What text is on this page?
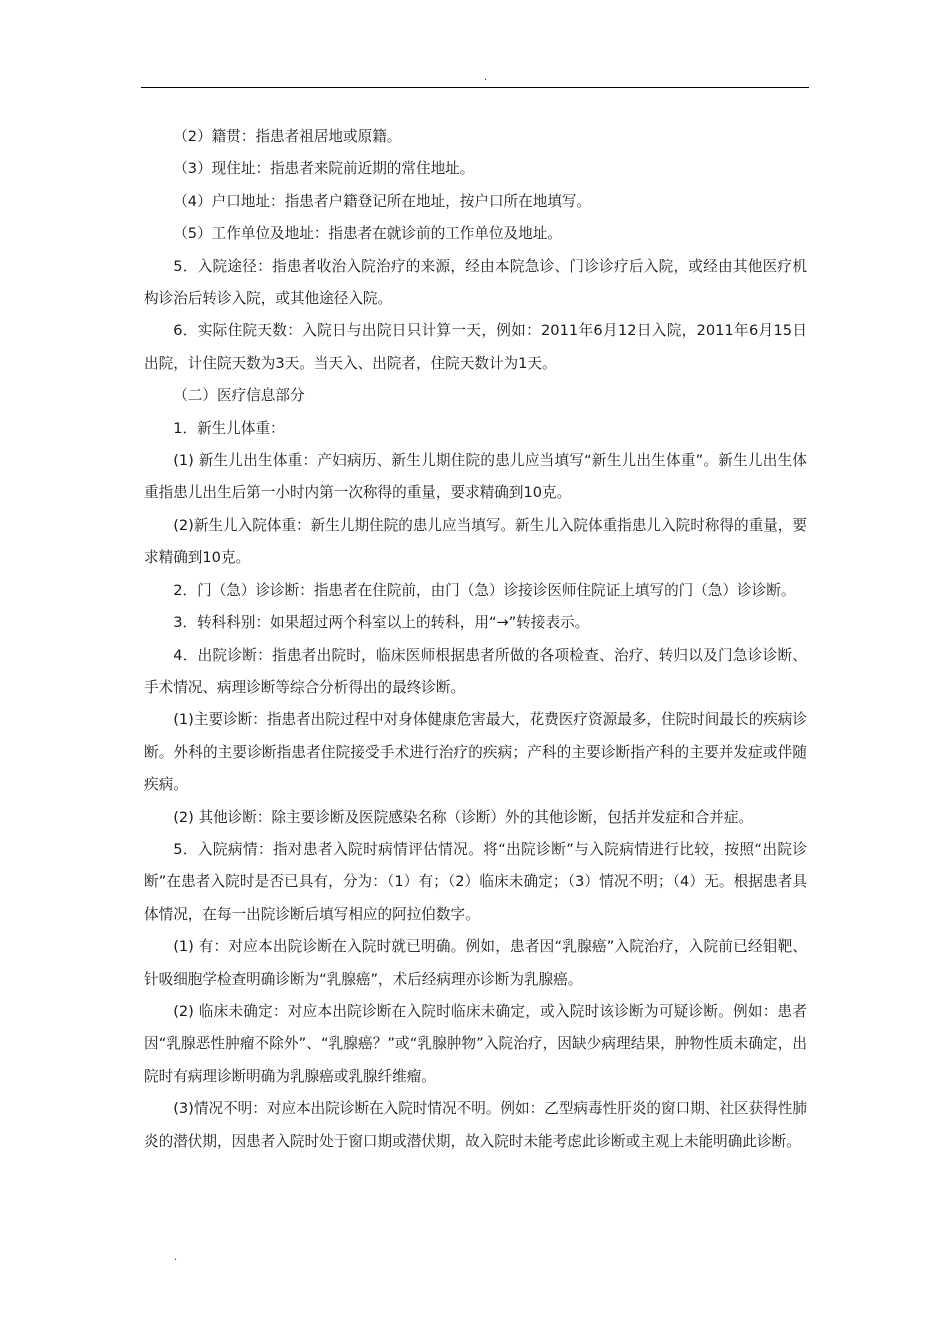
.

（2）籍贯：指患者祖居地或原籍。

（3）现住址：指患者来院前近期的常住地址。

（4）户口地址：指患者户籍登记所在地址，按户口所在地填写。

（5）工作单位及地址：指患者在就诊前的工作单位及地址。

5．入院途径：指患者收治入院治疗的来源，经由本院急诊、门诊诊疗后入院，或经由其他医疗机构诊治后转诊入院，或其他途径入院。

6．实际住院天数：入院日与出院日只计算一天，例如：2011年6月12日入院，2011年6月15日出院，计住院天数为3天。当天入、出院者，住院天数计为1天。

（二）医疗信息部分

1．新生儿体重：

(1) 新生儿出生体重：产妇病历、新生儿期住院的患儿应当填写“新生儿出生体重”。新生儿出生体重指患儿出生后第一小时内第一次称得的重量，要求精确到10克。

(2)新生儿入院体重：新生儿期住院的患儿应当填写。新生儿入院体重指患儿入院时称得的重量，要求精确到10克。

2．门（急）诊诊断：指患者在住院前，由门（急）诊接诊医师住院证上填写的门（急）诊诊断。

3．转科科别：如果超过两个科室以上的转科，用“→”转接表示。

4．出院诊断：指患者出院时，临床医师根据患者所做的各项检查、治疗、转归以及门急诊诊断、手术情况、病理诊断等综合分析得出的最终诊断。

(1)主要诊断：指患者出院过程中对身体健康危害最大，花费医疗资源最多，住院时间最长的疾病诊断。外科的主要诊断指患者住院接受手术进行治疗的疾病；产科的主要诊断指产科的主要并发症或伴随疾病。

(2) 其他诊断：除主要诊断及医院感染名称（诊断）外的其他诊断，包括并发症和合并症。

5．入院病情：指对患者入院时病情评估情况。将“出院诊断”与入院病情进行比较，按照“出院诊断”在患者入院时是否已具有，分为：（1）有；（2）临床未确定；（3）情况不明；（4）无。根据患者具体情况，在每一出院诊断后填写相应的阿拉伯数字。

(1) 有：对应本出院诊断在入院时就已明确。例如，患者因“乳腺癌”入院治疗，入院前已经钼靶、针吸细胞学检查明确诊断为“乳腺癌”，术后经病理亦诊断为乳腺癌。

(2) 临床未确定：对应本出院诊断在入院时临床未确定，或入院时该诊断为可疑诊断。例如：患者因“乳腺恶性肿瘤不除外”、“乳腺癌？”或“乳腺肿物”入院治疗，因缺少病理结果，肿物性质未确定，出院时有病理诊断明确为乳腺癌或乳腺纤维瘤。

(3)情况不明：对应本出院诊断在入院时情况不明。例如：乙型病毒性肝炎的窗口期、社区获得性肺炎的潜伏期，因患者入院时处于窗口期或潜伏期，故入院时未能考虑此诊断或主观上未能明确此诊断。

.
